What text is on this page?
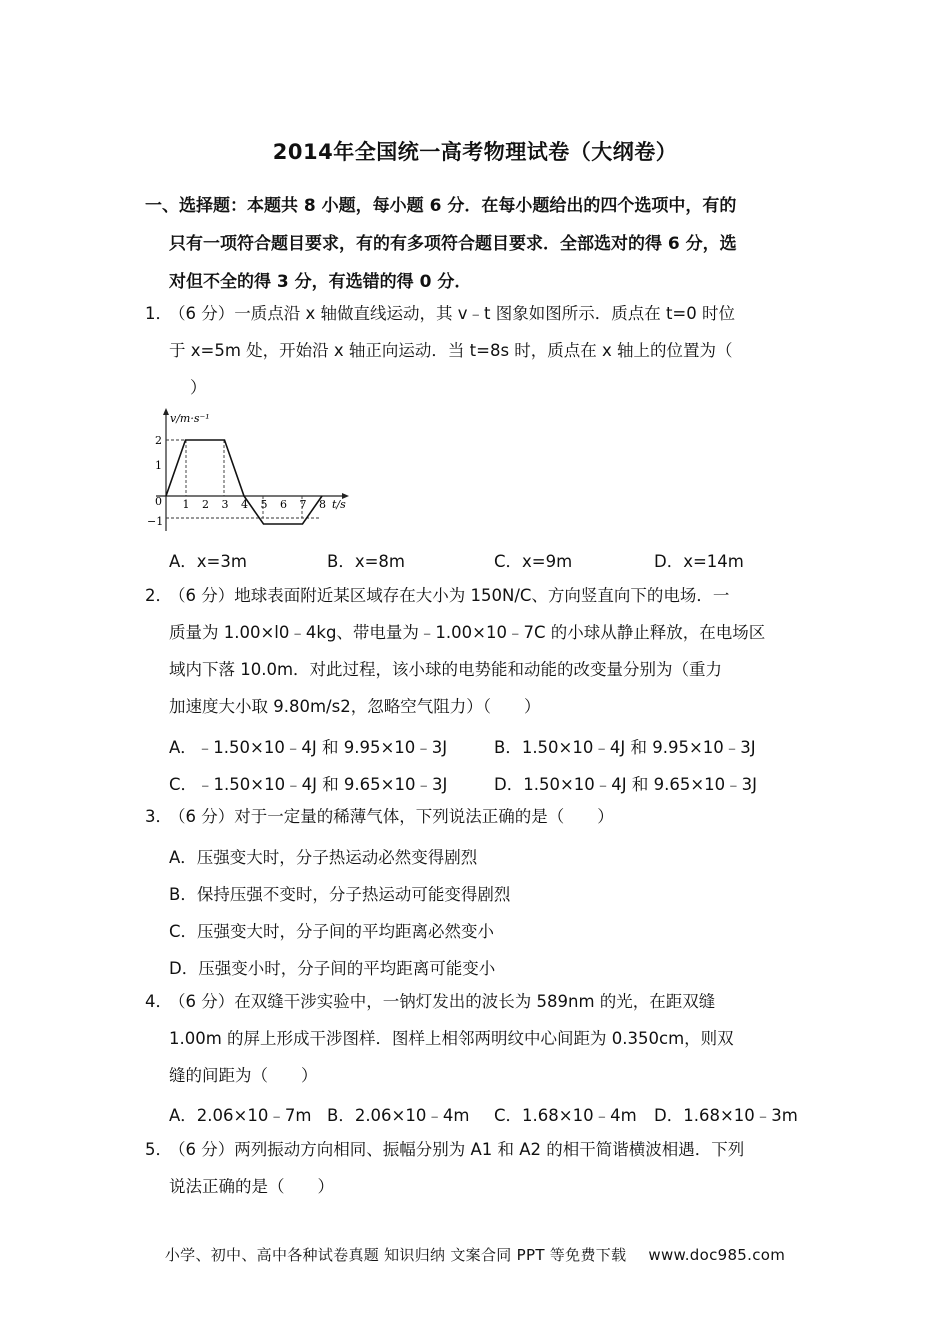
2014年全国统一高考物理试卷（大纲卷）
一、选择题：本题共 8 小题，每小题 6 分．在每小题给出的四个选项中，有的
只有一项符合题目要求，有的有多项符合题目要求．全部选对的得 6 分，选
对但不全的得 3 分，有选错的得 0 分．
1．
（6 分）一质点沿 x 轴做直线运动，其 v﹣t 图象如图所示．质点在 t=0 时位
于 x=5m 处，开始沿 x 轴正向运动．当 t=8s 时，质点在 x 轴上的位置为（
）
v/m·s⁻¹
t/s
2
1
0
−1
1 2 3 4 5 6 7 8
A．x=3m	B．x=8m	C．x=9m	D．x=14m
2．
（6 分）地球表面附近某区域存在大小为 150N/C、方向竖直向下的电场．一
质量为 1.00×l0﹣4kg、带电量为﹣1.00×10﹣7C 的小球从静止释放，在电场区
域内下落 10.0m．对此过程，该小球的电势能和动能的改变量分别为（重力
加速度大小取 9.80m/s2，忽略空气阻力）（　　）
A．﹣1.50×10﹣4J 和 9.95×10﹣3J	B．1.50×10﹣4J 和 9.95×10﹣3J
C．﹣1.50×10﹣4J 和 9.65×10﹣3J	D．1.50×10﹣4J 和 9.65×10﹣3J
3．
（6 分）对于一定量的稀薄气体，下列说法正确的是（　　）
A．压强变大时，分子热运动必然变得剧烈
B．保持压强不变时，分子热运动可能变得剧烈
C．压强变大时，分子间的平均距离必然变小
D．压强变小时，分子间的平均距离可能变小
4．
（6 分）在双缝干涉实验中，一钠灯发出的波长为 589nm 的光，在距双缝
1.00m 的屏上形成干涉图样．图样上相邻两明纹中心间距为 0.350cm，则双
缝的间距为（　　）
A．2.06×10﹣7m B．2.06×10﹣4m C．1.68×10﹣4m D．1.68×10﹣3m
5．
（6 分）两列振动方向相同、振幅分别为 A1 和 A2 的相干简谐横波相遇．下列
说法正确的是（　　）
小学、初中、高中各种试卷真题 知识归纳 文案合同 PPT 等免费下载 www.doc985.com
